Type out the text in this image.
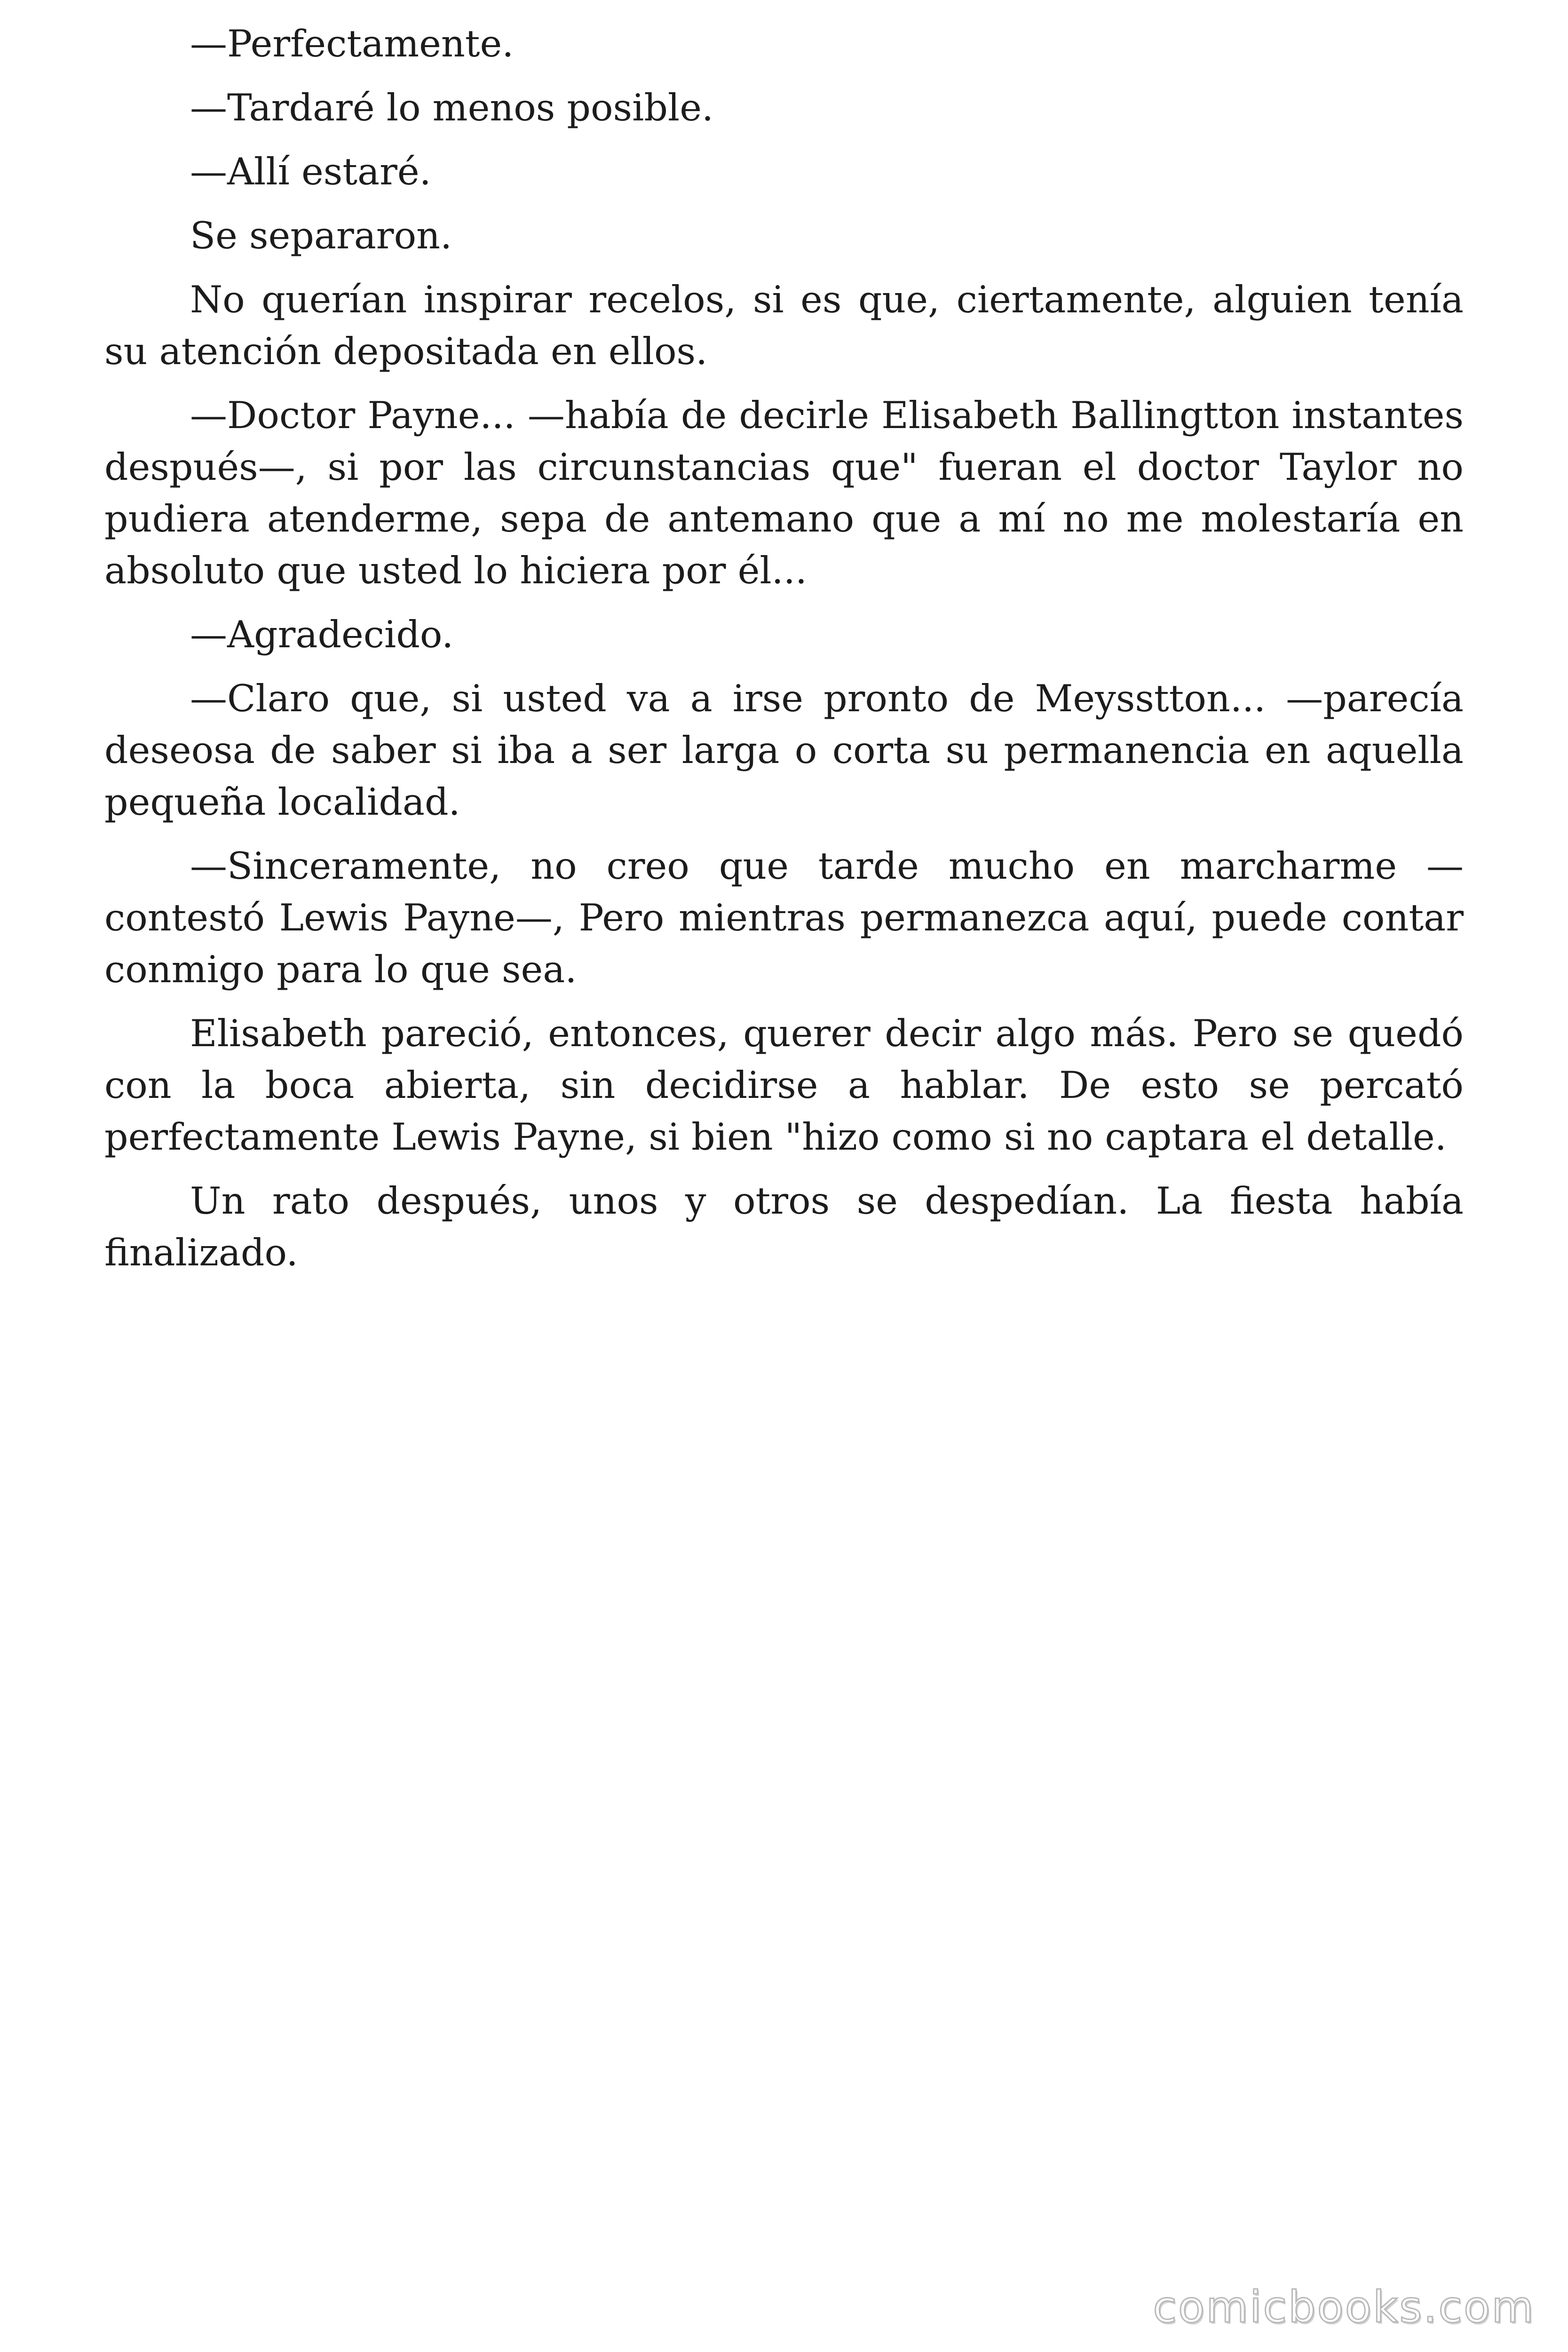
—Perfectamente.

—Tardaré lo menos posible.

—Allí estaré.

Se separaron.

No querían inspirar recelos, si es que, ciertamente, alguien tenía su atención depositada en ellos.

—Doctor Payne... —había de decirle Elisabeth Ballingtton instantes después—, si por las circunstancias que" fueran el doctor Taylor no pudiera atenderme, sepa de antemano que a mí no me molestaría en absoluto que usted lo hiciera por él...

—Agradecido.

—Claro que, si usted va a irse pronto de Meysstton... —parecía deseosa de saber si iba a ser larga o corta su permanencia en aquella pequeña localidad.

—Sinceramente, no creo que tarde mucho en marcharme — contestó Lewis Payne—, Pero mientras permanezca aquí, puede contar conmigo para lo que sea.

Elisabeth pareció, entonces, querer decir algo más. Pero se quedó con la boca abierta, sin decidirse a hablar. De esto se percató perfectamente Lewis Payne, si bien "hizo como si no captara el detalle.

Un rato después, unos y otros se despedían. La fiesta había finalizado.

comicbooks.com
